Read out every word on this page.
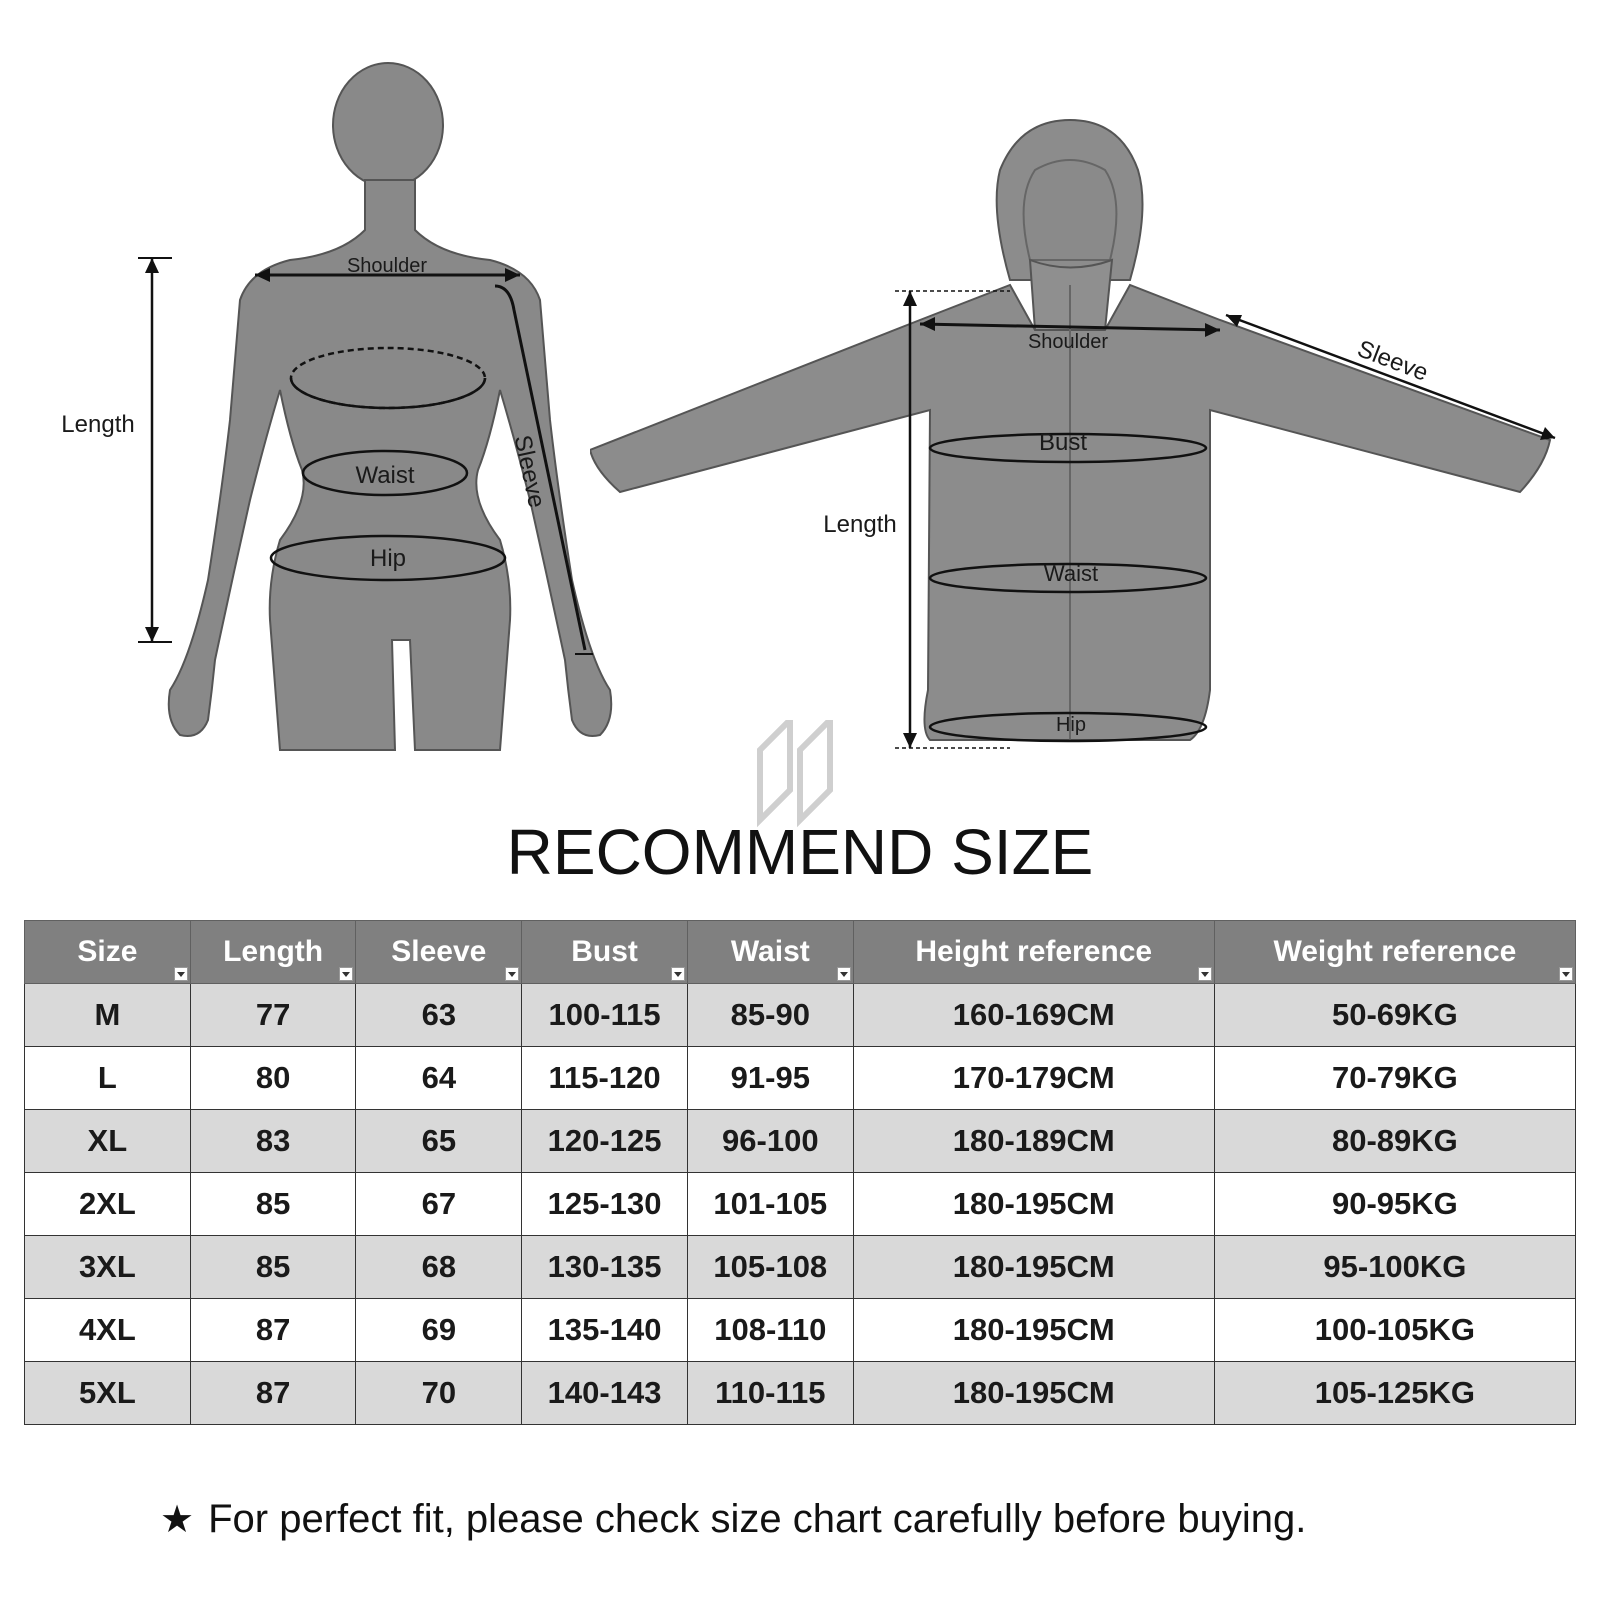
Shoulder
Waist
Hip
Length
Sleeve
Shoulder	Sleeve
Bust
Waist
Hip
Length
RECOMMEND SIZE
Size	Length	Sleeve	Bust	Waist	Height reference	Weight reference

M	77	63	100-115	85-90	160-169CM	50-69KG
L	80	64	115-120	91-95	170-179CM	70-79KG
XL	83	65	120-125	96-100	180-189CM	80-89KG
2XL	85	67	125-130	101-105	180-195CM	90-95KG
3XL	85	68	130-135	105-108	180-195CM	95-100KG
4XL	87	69	135-140	108-110	180-195CM	100-105KG
5XL	87	70	140-143	110-115	180-195CM	105-125KG
★ For perfect fit, please check size chart carefully before buying.
